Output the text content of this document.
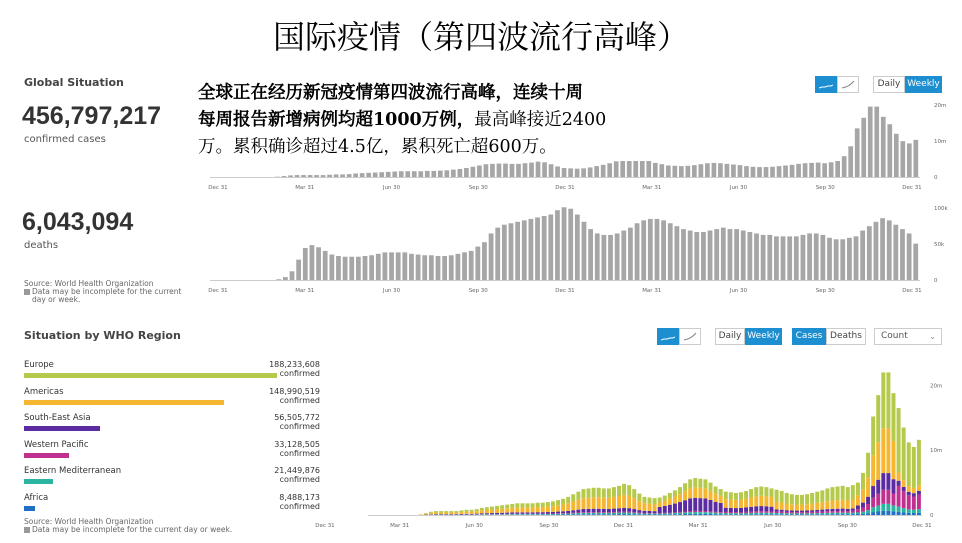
国际疫情（第四波流行高峰）
Global Situation
456,797,217
confirmed cases
6,043,094
deaths
Source: World Health Organization
Data may be incomplete for the current
day or week.
Daily Weekly
Dec 31	Mar 31	Jun 30	Sep 30	Dec 31	Mar 31	Jun 30	Sep 30	Dec 31
20m
10m
0
Dec 31	Mar 31	Jun 30	Sep 30	Dec 31	Mar 31	Jun 30	Sep 30	Dec 31
100k
50k
0
全球正在经历新冠疫情第四波流行高峰，连续十周
每周报告新增病例均超1000万例，最高峰接近2400
万。累积确诊超过4.5亿，累积死亡超600万。
Situation by WHO Region
Europe	188,233,608
confirmed
Americas	148,990,519
confirmed
South-East Asia	56,505,772
confirmed
Western Pacific	33,128,505
confirmed
Eastern Mediterranean	21,449,876
confirmed
Africa	8,488,173
confirmed
Source: World Health Organization
Data may be incomplete for the current day or week.
Daily Weekly	Cases Deaths	Count	⌄
Dec 31	Mar 31	Jun 30	Sep 30	Dec 31	Mar 31	Jun 30	Sep 30	Dec 31
20m
10m
0
